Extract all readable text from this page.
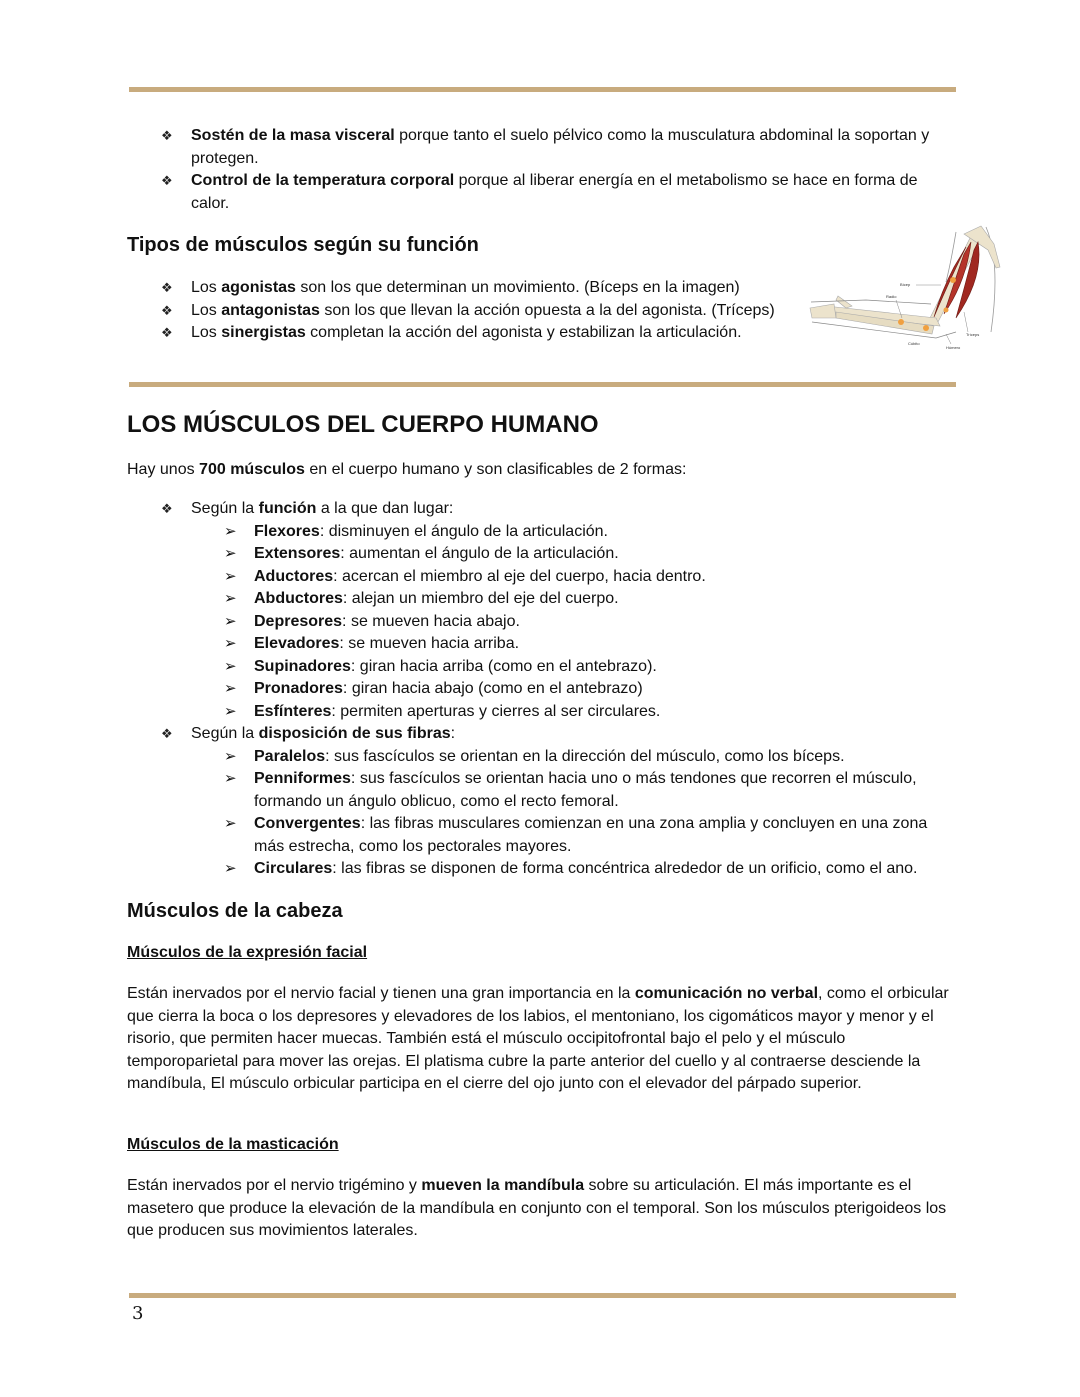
❖ Sostén de la masa visceral porque tanto el suelo pélvico como la musculatura abdominal la soportan y protegen.
❖ Control de la temperatura corporal porque al liberar energía en el metabolismo se hace en forma de calor.
Tipos de músculos según su función
❖ Los agonistas son los que determinan un movimiento. (Bíceps en la imagen)
❖ Los antagonistas son los que llevan la acción opuesta a la del agonista. (Tríceps)
❖ Los sinergistas completan la acción del agonista y estabilizan la articulación.
Bícep
Radio
Cúbito
Húmero
Tríceps
LOS MÚSCULOS DEL CUERPO HUMANO

Hay unos 700 músculos en el cuerpo humano y son clasificables de 2 formas:

❖ Según la función a la que dan lugar:
➢ Flexores: disminuyen el ángulo de la articulación.
➢ Extensores: aumentan el ángulo de la articulación.
➢ Aductores: acercan el miembro al eje del cuerpo, hacia dentro.
➢ Abductores: alejan un miembro del eje del cuerpo.
➢ Depresores: se mueven hacia abajo.
➢ Elevadores: se mueven hacia arriba.
➢ Supinadores: giran hacia arriba (como en el antebrazo).
➢ Pronadores: giran hacia abajo (como en el antebrazo)
➢ Esfínteres: permiten aperturas y cierres al ser circulares.
❖ Según la disposición de sus fibras:
➢ Paralelos: sus fascículos se orientan en la dirección del músculo, como los bíceps.
➢ Penniformes: sus fascículos se orientan hacia uno o más tendones que recorren el músculo, formando un ángulo oblicuo, como el recto femoral.
➢ Convergentes: las fibras musculares comienzan en una zona amplia y concluyen en una zona más estrecha, como los pectorales mayores.
➢ Circulares: las fibras se disponen de forma concéntrica alrededor de un orificio, como el ano.
Músculos de la cabeza
Músculos de la expresión facial

Están inervados por el nervio facial y tienen una gran importancia en la comunicación no verbal, como el orbicular que cierra la boca o los depresores y elevadores de los labios, el mentoniano, los cigomáticos mayor y menor y el risorio, que permiten hacer muecas. También está el músculo occipitofrontal bajo el pelo y el músculo temporoparietal para mover las orejas. El platisma cubre la parte anterior del cuello y al contraerse desciende la mandíbula, El músculo orbicular participa en el cierre del ojo junto con el elevador del párpado superior.

Músculos de la masticación

Están inervados por el nervio trigémino y mueven la mandíbula sobre su articulación. El más importante es el masetero que produce la elevación de la mandíbula en conjunto con el temporal. Son los músculos pterigoideos los que producen sus movimientos laterales.

3
